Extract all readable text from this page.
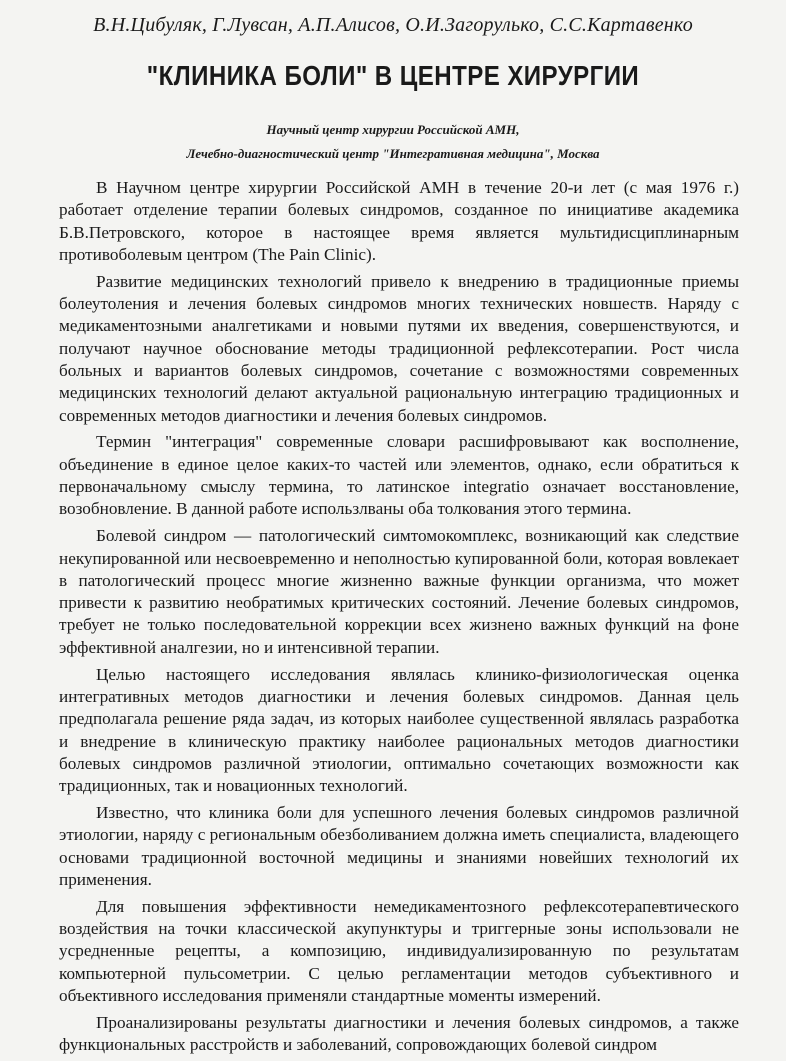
В.Н.Цибуляк, Г.Лувсан, А.П.Алисов, О.И.Загорулько, С.С.Картавенко
"КЛИНИКА БОЛИ" В ЦЕНТРЕ ХИРУРГИИ
Научный центр хирургии Российской АМН,
Лечебно-диагностический центр "Интегративная медицина", Москва

В Научном центре хирургии Российской АМН в течение 20-и лет (с мая 1976 г.) работает отделение терапии болевых синдромов, созданное по инициативе академика Б.В.Петровского, которое в настоящее время является мультидисциплинарным противоболевым центром (The Pain Clinic).

Развитие медицинских технологий привело к внедрению в традиционные приемы болеутоления и лечения болевых синдромов многих технических новшеств. Наряду с медикаментозными аналгетиками и новыми путями их введения, совершенствуются, и получают научное обоснование методы традиционной рефлексотерапии. Рост числа больных и вариантов болевых синдромов, сочетание с возможностями современных медицинских технологий делают актуальной рациональную интеграцию традиционных и современных методов диагностики и лечения болевых синдромов.

Термин "интеграция" современные словари расшифровывают как восполнение, объединение в единое целое каких-то частей или элементов, однако, если обратиться к первоначальному смыслу термина, то латинское integratio означает восстановление, возобновление. В данной работе использлваны оба толкования этого термина.

Болевой синдром — патологический симтомокомплекс, возникающий как следствие некупированной или несвоевременно и неполностью купированной боли, которая вовлекает в патологический процесс многие жизненно важные функции организма, что может привести к развитию необратимых критических состояний. Лечение болевых синдромов, требует не только последовательной коррекции всех жизнено важных функций на фоне эффективной аналгезии, но и интенсивной терапии.

Целью настоящего исследования являлась клинико-физиологическая оценка интегративных методов диагностики и лечения болевых синдромов. Данная цель предполагала решение ряда задач, из которых наиболее существенной являлась разработка и внедрение в клиническую практику наиболее рациональных методов диагностики болевых синдромов различной этиологии, оптимально сочетающих возможности как традиционных, так и новационных технологий.

Известно, что клиника боли для успешного лечения болевых синдромов различной этиологии, наряду с региональным обезболиванием должна иметь специалиста, владеющего основами традиционной восточной медицины и знаниями новейших технологий их применения.

Для повышения эффективности немедикаментозного рефлексотерапевтического воздействия на точки классической акупунктуры и триггерные зоны использовали не усредненные рецепты, а композицию, индивидуализированную по результатам компьютерной пульсометрии. С целью регламентации методов субъективного и объективного исследования применяли стандартные моменты измерений.

Проанализированы результаты диагностики и лечения болевых синдромов, а также функциональных расстройств и заболеваний, сопровождающих болевой синдром
